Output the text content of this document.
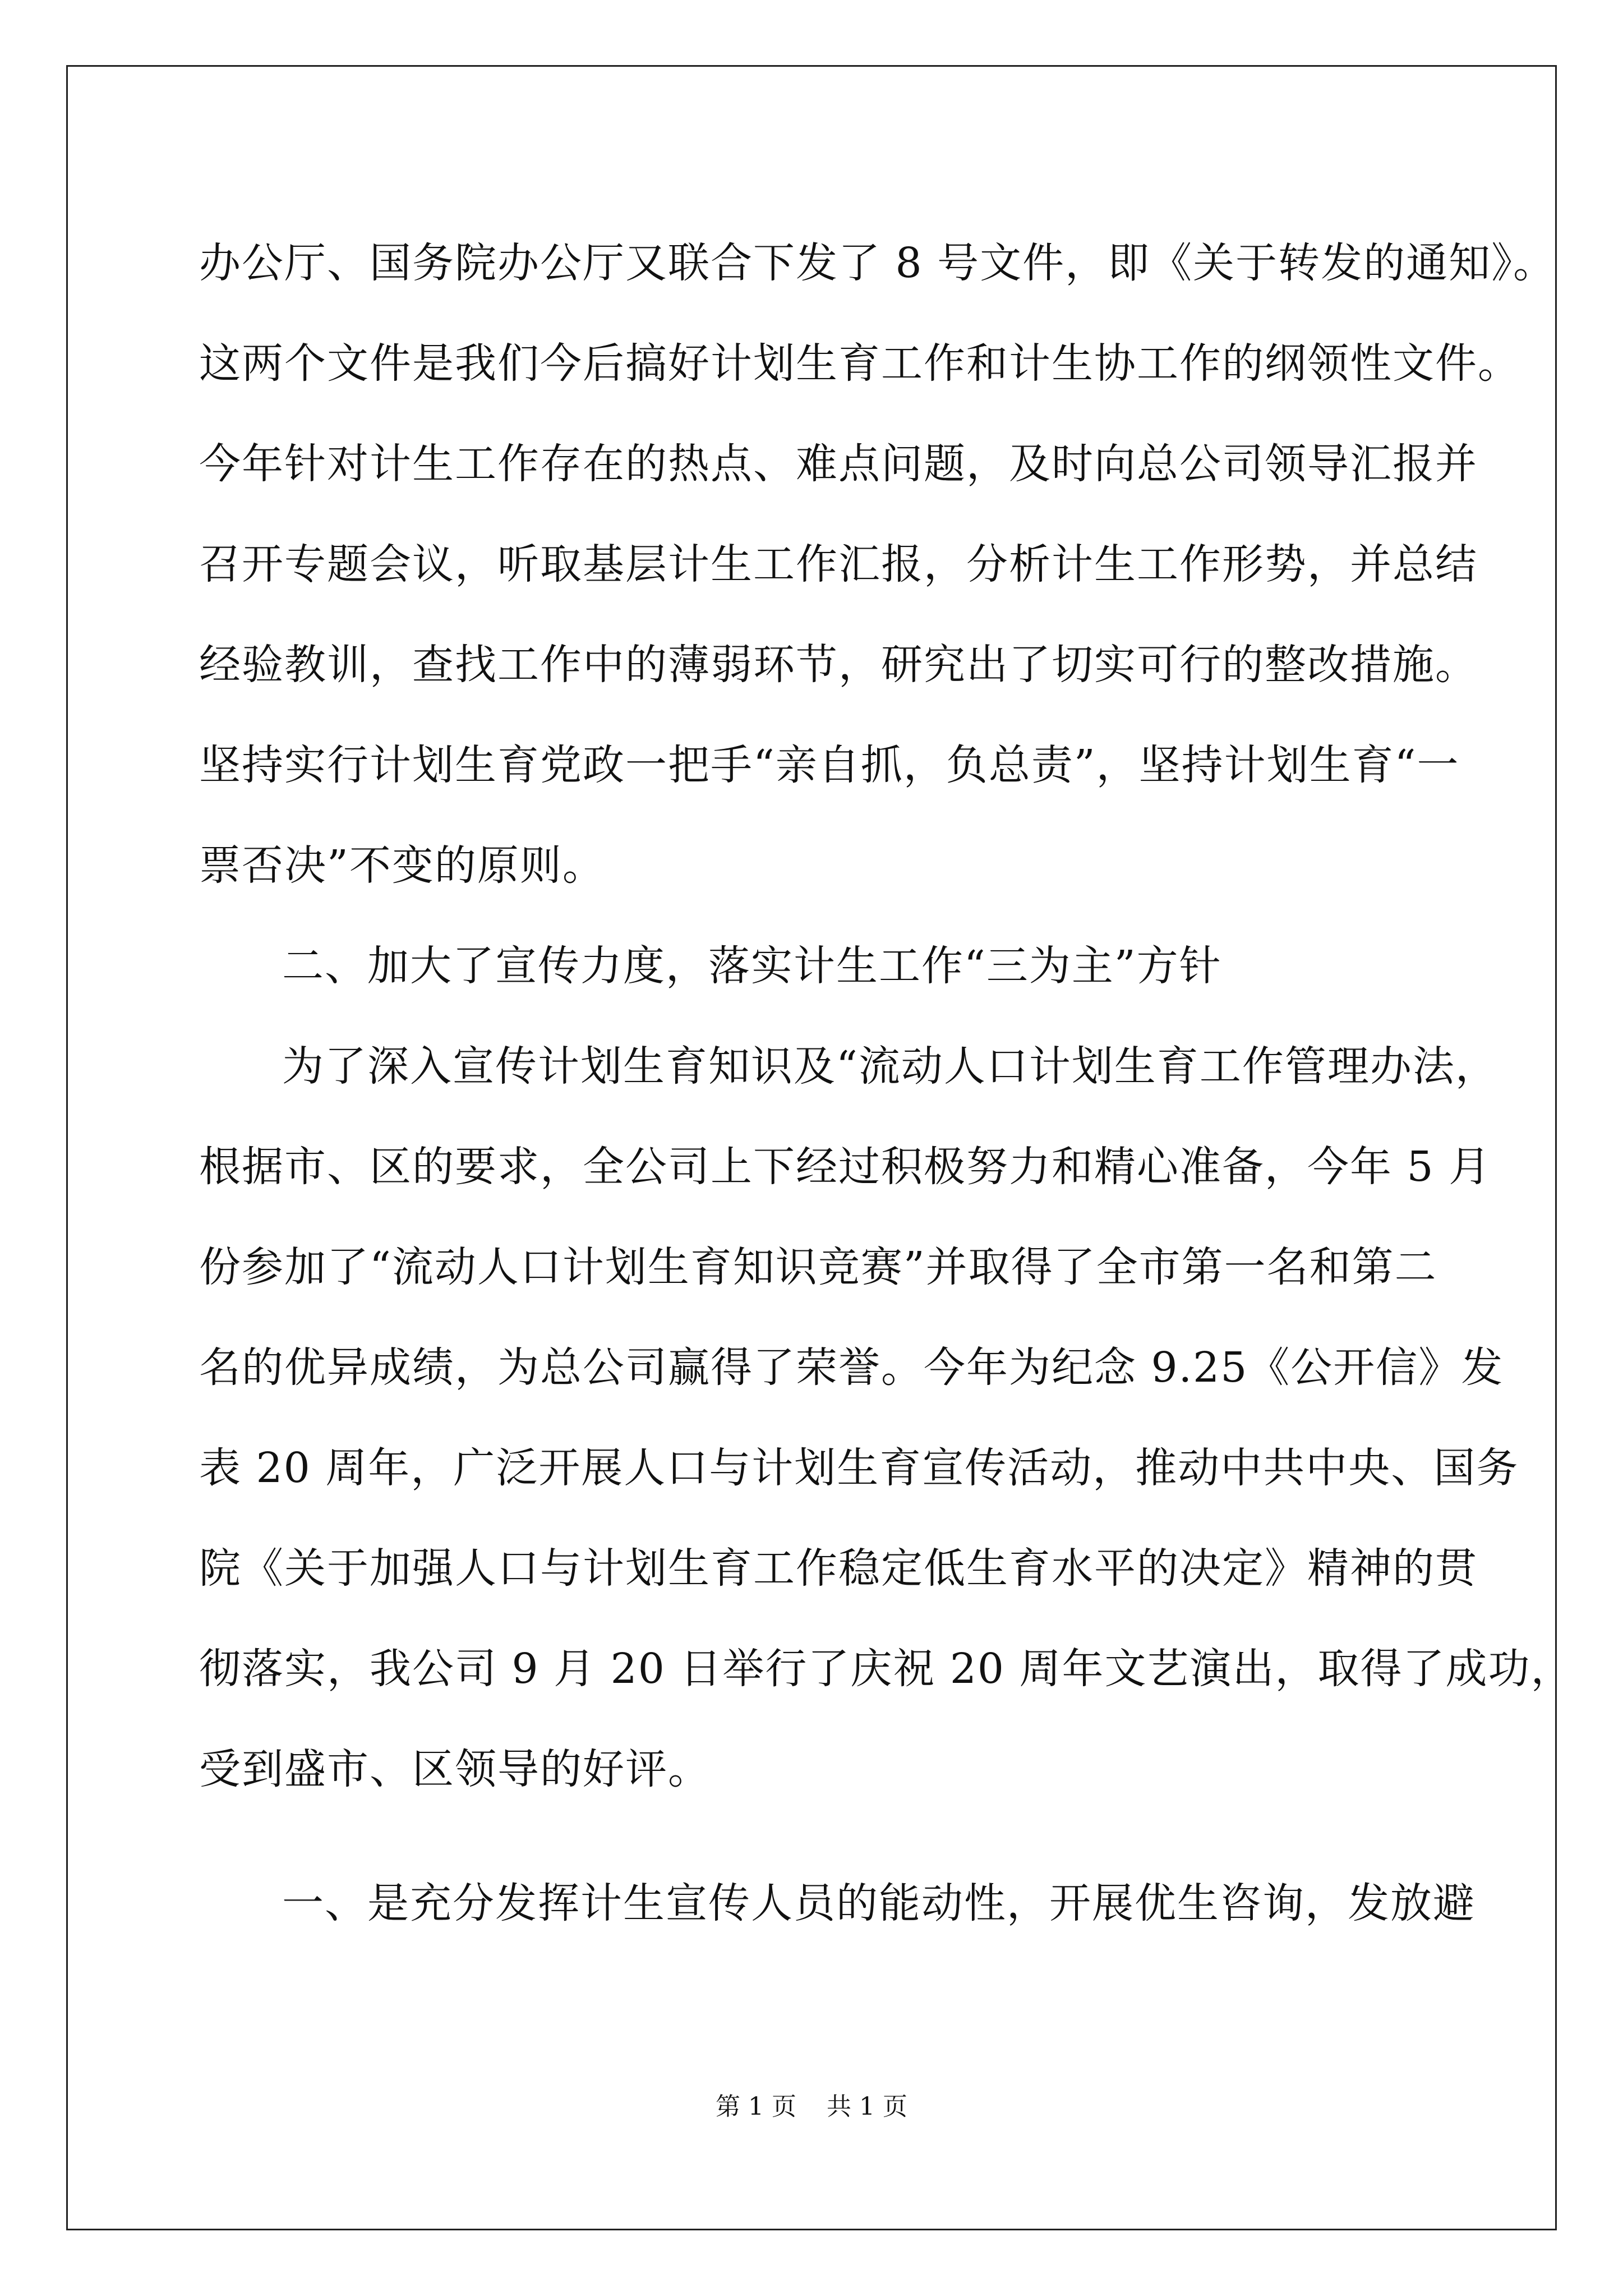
办公厅、国务院办公厅又联合下发了 8 号文件，即《关于转发的通知》。
这两个文件是我们今后搞好计划生育工作和计生协工作的纲领性文件。
今年针对计生工作存在的热点、难点问题，及时向总公司领导汇报并
召开专题会议，听取基层计生工作汇报，分析计生工作形势，并总结
经验教训，查找工作中的薄弱环节，研究出了切实可行的整改措施。
坚持实行计划生育党政一把手“亲自抓，负总责”，坚持计划生育“一
票否决”不变的原则。
二、加大了宣传力度，落实计生工作“三为主”方针
为了深入宣传计划生育知识及“流动人口计划生育工作管理办法，
根据市、区的要求，全公司上下经过积极努力和精心准备，今年 5 月
份参加了“流动人口计划生育知识竞赛”并取得了全市第一名和第二
名的优异成绩，为总公司赢得了荣誉。今年为纪念 9.25《公开信》发
表 20 周年，广泛开展人口与计划生育宣传活动，推动中共中央、国务
院《关于加强人口与计划生育工作稳定低生育水平的决定》精神的贯
彻落实，我公司 9 月 20 日举行了庆祝 20 周年文艺演出，取得了成功，
受到盛市、区领导的好评。
一、是充分发挥计生宣传人员的能动性，开展优生咨询，发放避
第 1 页 共 1 页
